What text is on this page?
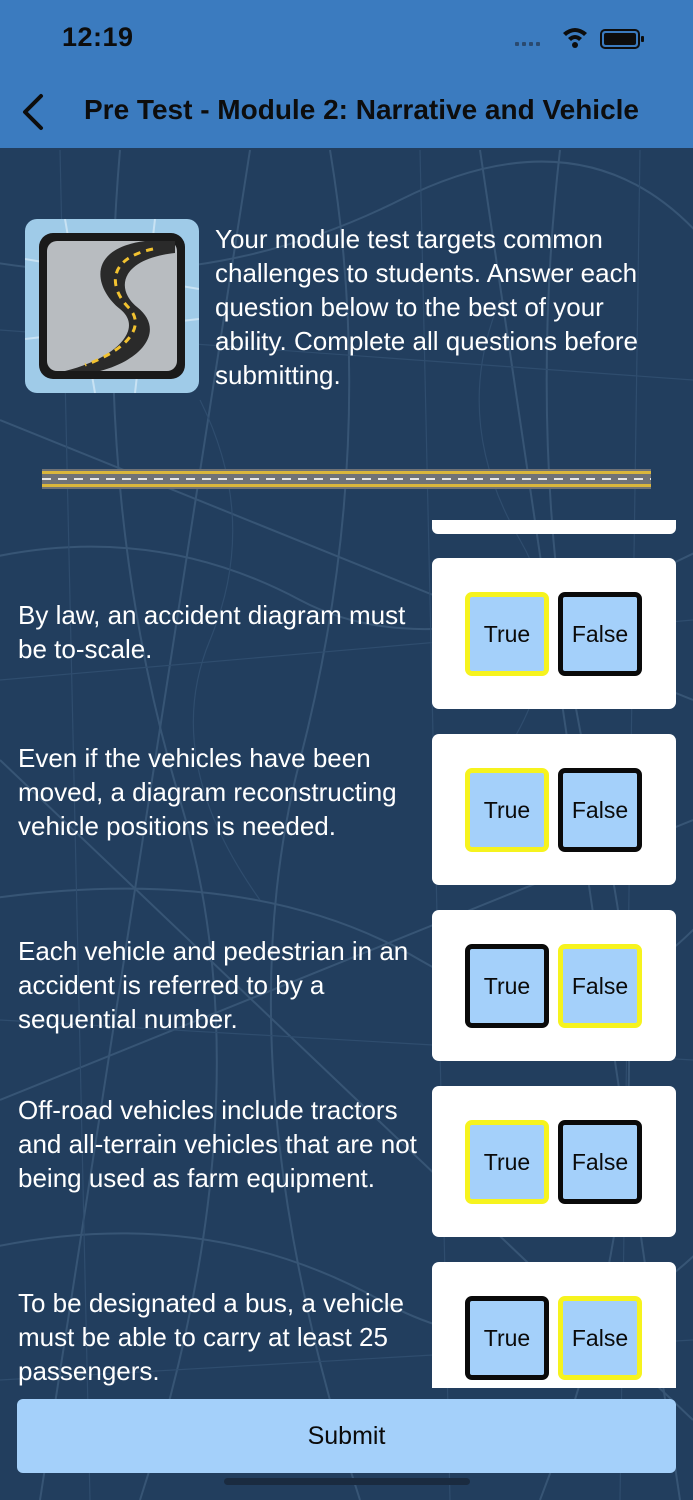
12:19
Pre Test - Module 2: Narrative and Vehicle
Your module test targets common challenges to students. Answer each question below to the best of your ability. Complete all questions before submitting.
By law, an accident diagram must be to-scale.
True	False
Even if the vehicles have been moved, a diagram reconstructing vehicle positions is needed.
True	False
Each vehicle and pedestrian in an accident is referred to by a sequential number.
True	False
Off-road vehicles include tractors and all-terrain vehicles that are not being used as farm equipment.
True	False
To be designated a bus, a vehicle must be able to carry at least 25 passengers.
True	False
Submit
